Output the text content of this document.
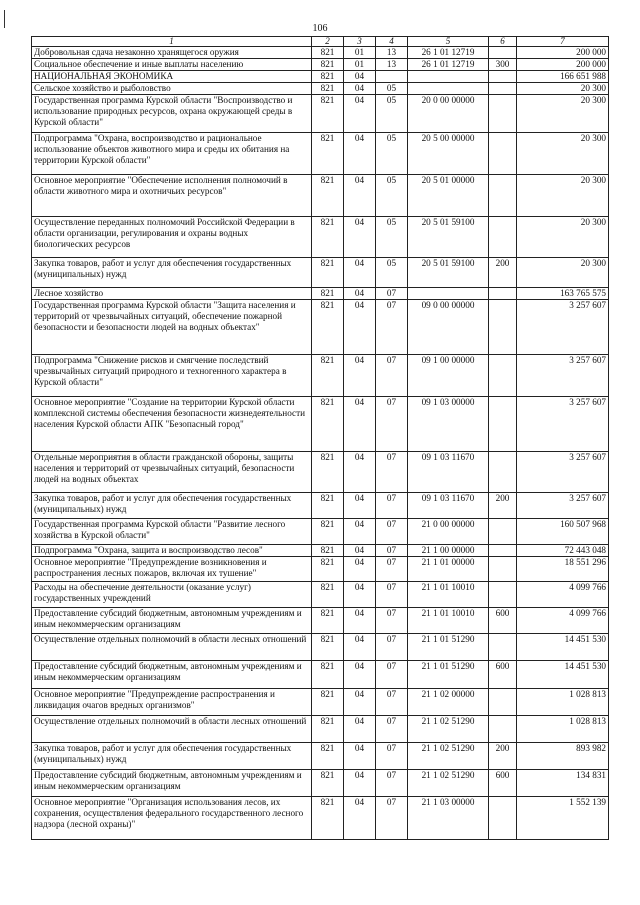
106
1	2	3	4	5	6	7
Добровольная сдача незаконно хранящегося оружия	821	01	13	26 1 01 12719		200 000
Социальное обеспечение и иные выплаты населению	821	01	13	26 1 01 12719	300	200 000
НАЦИОНАЛЬНАЯ ЭКОНОМИКА	821	04				166 651 988
Сельское хозяйство и рыболовство	821	04	05			20 300
Государственная программа Курской области "Воспроизводство и использование природных ресурсов, охрана окружающей среды в Курской области"	821	04	05	20 0 00 00000		20 300
Подпрограмма "Охрана, воспроизводство и рациональное использование объектов животного мира и среды их обитания на территории Курской области"	821	04	05	20 5 00 00000		20 300
Основное мероприятие "Обеспечение исполнения полномочий в области животного мира и охотничьих ресурсов"	821	04	05	20 5 01 00000		20 300
Осуществление переданных полномочий Российской Федерации в области организации, регулирования и охраны водных биологических ресурсов	821	04	05	20 5 01 59100		20 300
Закупка товаров, работ и услуг для обеспечения государственных (муниципальных) нужд	821	04	05	20 5 01 59100	200	20 300
Лесное хозяйство	821	04	07			163 765 575
Государственная программа Курской области "Защита населения и территорий от чрезвычайных ситуаций, обеспечение пожарной безопасности и безопасности людей на водных объектах"	821	04	07	09 0 00 00000		3 257 607
Подпрограмма "Снижение рисков и смягчение последствий чрезвычайных ситуаций природного и техногенного характера в Курской области"	821	04	07	09 1 00 00000		3 257 607
Основное мероприятие "Создание на территории Курской области комплексной системы обеспечения безопасности жизнедеятельности населения Курской области АПК "Безопасный город"	821	04	07	09 1 03 00000		3 257 607
Отдельные мероприятия в области гражданской обороны, защиты населения и территорий от чрезвычайных ситуаций, безопасности людей на водных объектах	821	04	07	09 1 03 11670		3 257 607
Закупка товаров, работ и услуг для обеспечения государственных (муниципальных) нужд	821	04	07	09 1 03 11670	200	3 257 607
Государственная программа Курской области "Развитие лесного хозяйства в Курской области"	821	04	07	21 0 00 00000		160 507 968
Подпрограмма "Охрана, защита и воспроизводство лесов"	821	04	07	21 1 00 00000		72 443 048
Основное мероприятие "Предупреждение возникновения и распространения лесных пожаров, включая их тушение"	821	04	07	21 1 01 00000		18 551 296
Расходы на обеспечение деятельности (оказание услуг) государственных учреждений	821	04	07	21 1 01 10010		4 099 766
Предоставление субсидий бюджетным, автономным учреждениям и иным некоммерческим организациям	821	04	07	21 1 01 10010	600	4 099 766
Осуществление отдельных полномочий в области лесных отношений	821	04	07	21 1 01 51290		14 451 530
Предоставление субсидий бюджетным, автономным учреждениям и иным некоммерческим организациям	821	04	07	21 1 01 51290	600	14 451 530
Основное мероприятие "Предупреждение распространения и ликвидация очагов вредных организмов"	821	04	07	21 1 02 00000		1 028 813
Осуществление отдельных полномочий в области лесных отношений	821	04	07	21 1 02 51290		1 028 813
Закупка товаров, работ и услуг для обеспечения государственных (муниципальных) нужд	821	04	07	21 1 02 51290	200	893 982
Предоставление субсидий бюджетным, автономным учреждениям и иным некоммерческим организациям	821	04	07	21 1 02 51290	600	134 831
Основное мероприятие "Организация использования лесов, их сохранения, осуществления федерального государственного лесного надзора (лесной охраны)"	821	04	07	21 1 03 00000		1 552 139
